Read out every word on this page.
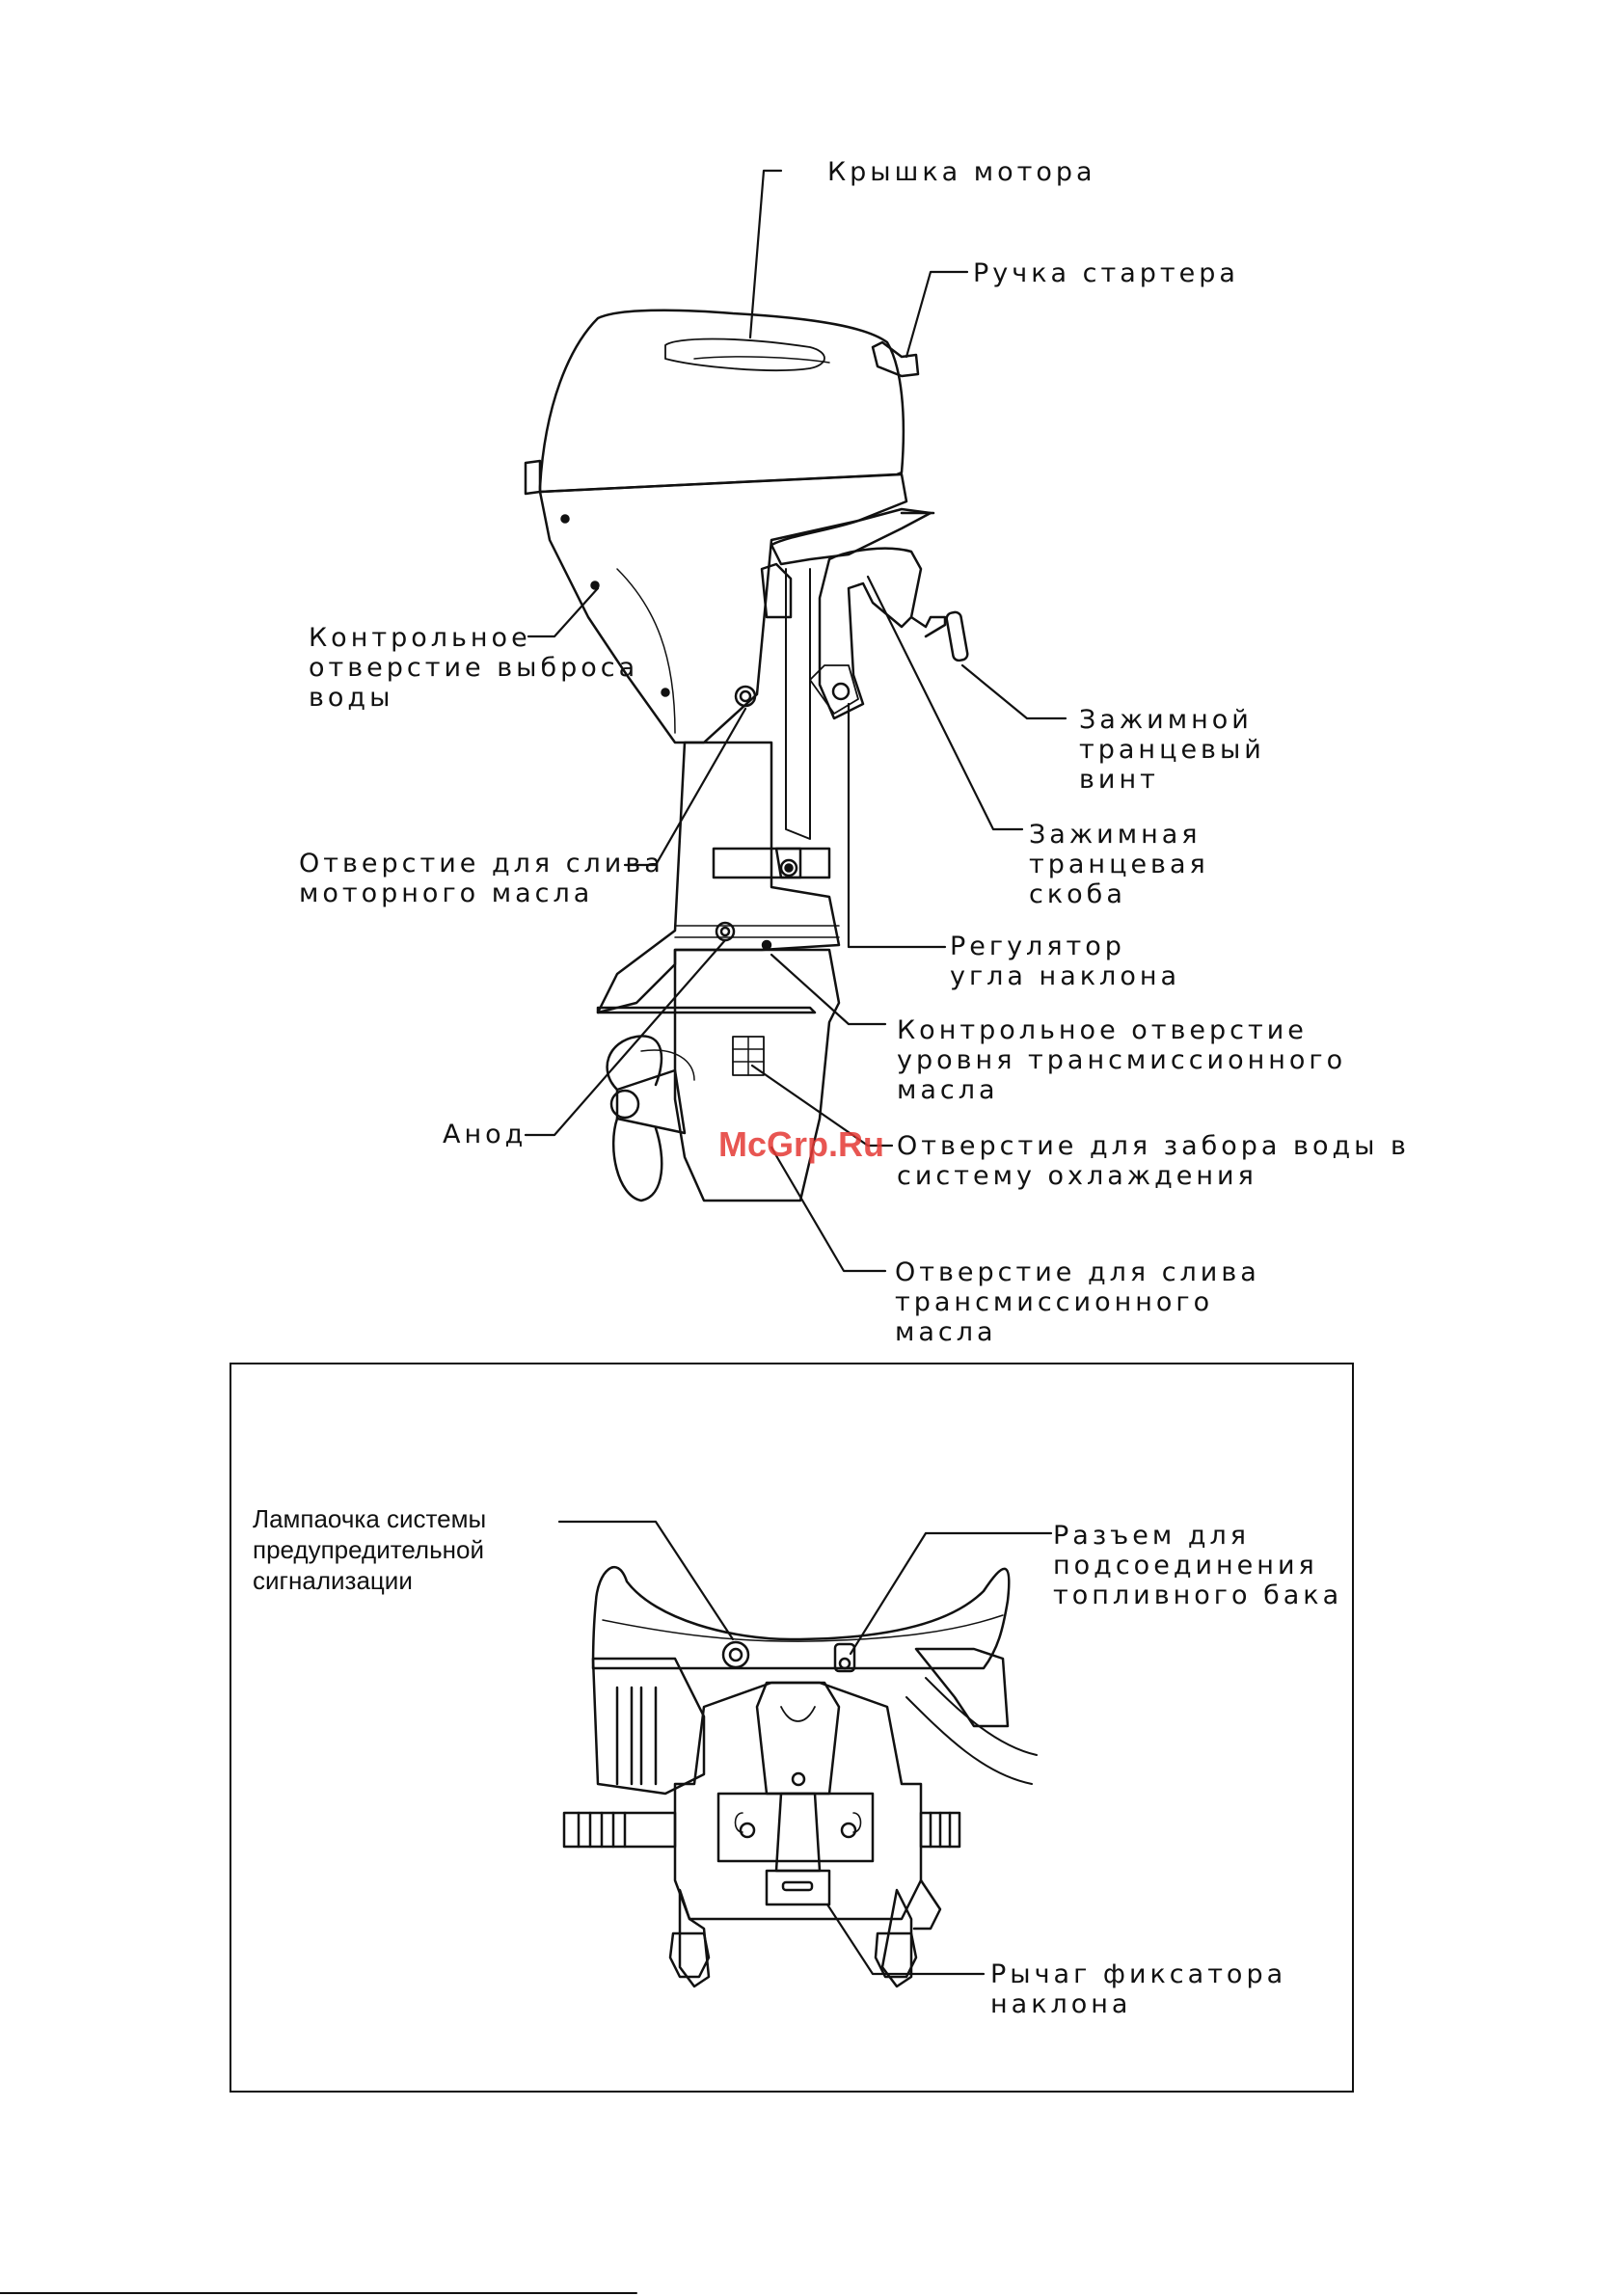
Крышка мотора
Ручка стартера
Контрольное
отверстие выброса
воды
Зажимной
транцевый
винт
Зажимная
транцевая
скоба
Отверстие для слива
моторного масла
Регулятор
угла наклона
Контрольное отверстие
уровня трансмиссионного
масла
Анод	Отверстие для забора воды в
систему охлаждения
Отверстие для слива
трансмиссионного
масла
Лампаочка системы
предупредительной
сигнализации
Разъем для
подсоединения
топливного бака
Рычаг фиксатора
наклона
McGrp.Ru
